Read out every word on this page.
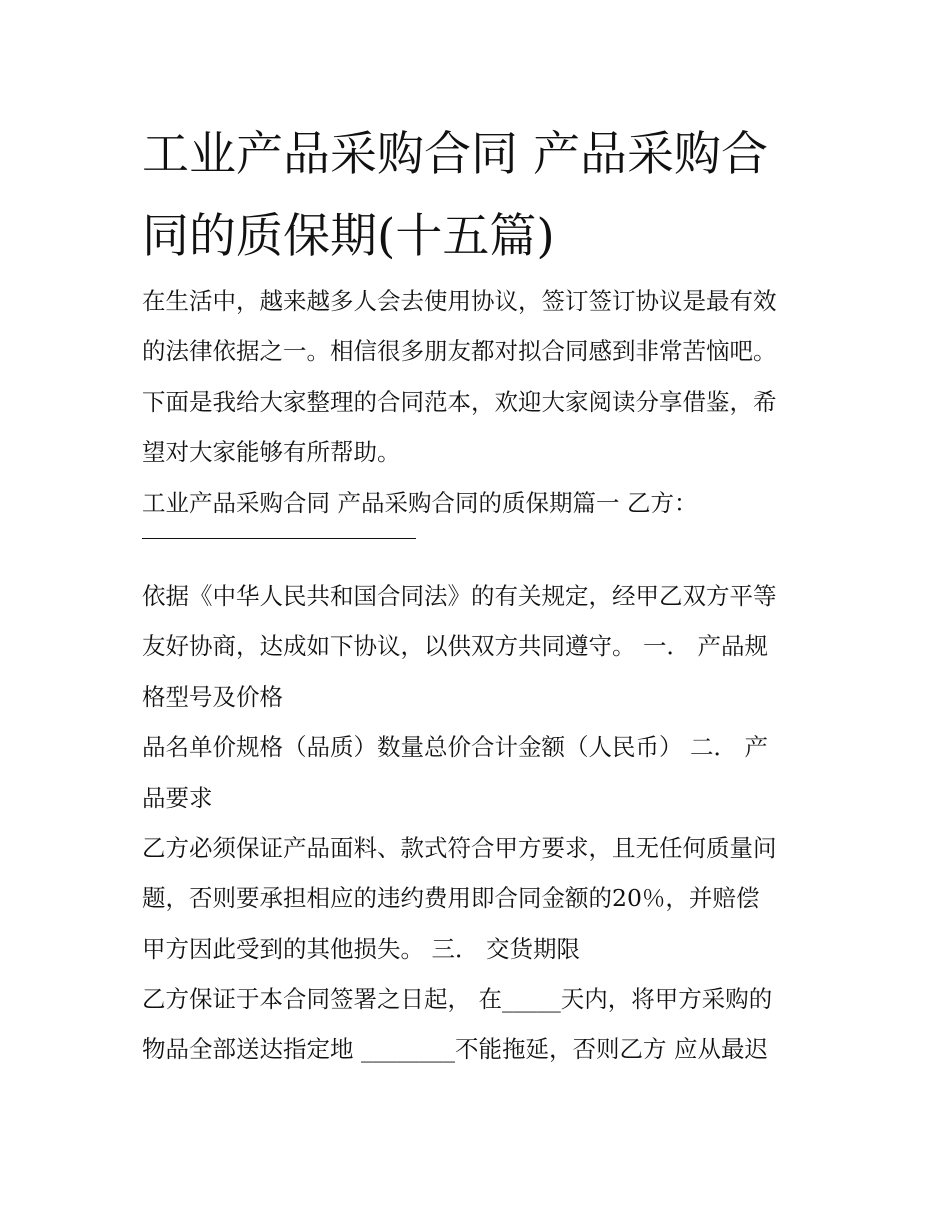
工业产品采购合同 产品采购合
同的质保期(十五篇)
在生活中，越来越多人会去使用协议，签订签订协议是最有效
的法律依据之一。相信很多朋友都对拟合同感到非常苦恼吧。
下面是我给大家整理的合同范本，欢迎大家阅读分享借鉴，希
望对大家能够有所帮助。
工业产品采购合同 产品采购合同的质保期篇一 乙方：
依据《中华人民共和国合同法》的有关规定，经甲乙双方平等
友好协商，达成如下协议，以供双方共同遵守。 一． 产品规
格型号及价格
品名单价规格（品质）数量总价合计金额（人民币） 二． 产
品要求
乙方必须保证产品面料、款式符合甲方要求，且无任何质量问
题，否则要承担相应的违约费用即合同金额的20％，并赔偿
甲方因此受到的其他损失。 三． 交货期限
乙方保证于本合同签署之日起， 在_____天内，将甲方采购的
物品全部送达指定地 ________不能拖延，否则乙方 应从最迟
